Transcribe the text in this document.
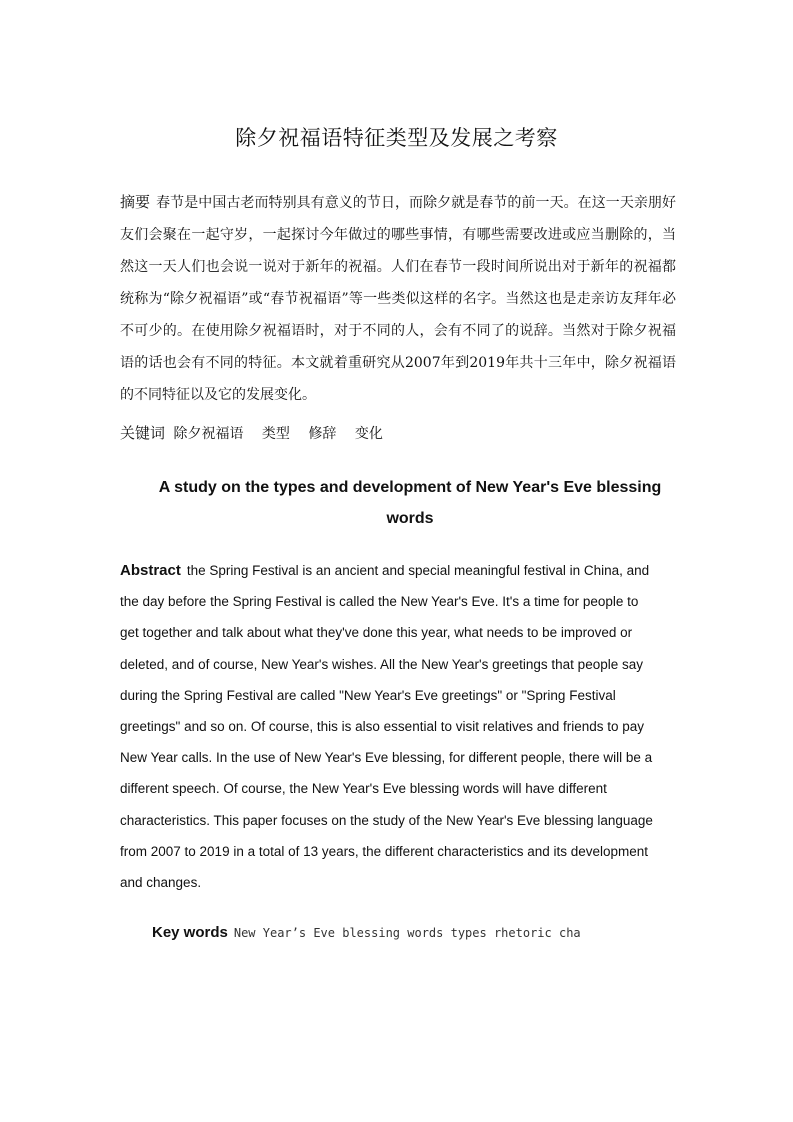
除夕祝福语特征类型及发展之考察
摘要 春节是中国古老而特别具有意义的节日，而除夕就是春节的前一天。在这一天亲朋好友们会聚在一起守岁，一起探讨今年做过的哪些事情，有哪些需要改进或应当删除的，当然这一天人们也会说一说对于新年的祝福。人们在春节一段时间所说出对于新年的祝福都统称为“除夕祝福语”或“春节祝福语”等一些类似这样的名字。当然这也是走亲访友拜年必不可少的。在使用除夕祝福语时，对于不同的人，会有不同了的说辞。当然对于除夕祝福语的话也会有不同的特征。本文就着重研究从2007年到2019年共十三年中，除夕祝福语的不同特征以及它的发展变化。
关键词 除夕祝福语 类型 修辞 变化
A study on the types and development of New Year's Eve blessing words
Abstract the Spring Festival is an ancient and special meaningful festival in China, and
the day before the Spring Festival is called the New Year's Eve. It's a time for people to
get together and talk about what they've done this year, what needs to be improved or
deleted, and of course, New Year's wishes. All the New Year's greetings that people say
during the Spring Festival are called "New Year's Eve greetings" or "Spring Festival
greetings" and so on. Of course, this is also essential to visit relatives and friends to pay
New Year calls. In the use of New Year's Eve blessing, for different people, there will be a
different speech. Of course, the New Year's Eve blessing words will have different
characteristics. This paper focuses on the study of the New Year's Eve blessing language
from 2007 to 2019 in a total of 13 years, the different characteristics and its development
and changes.
Key words New Year’s Eve blessing words types rhetoric cha
